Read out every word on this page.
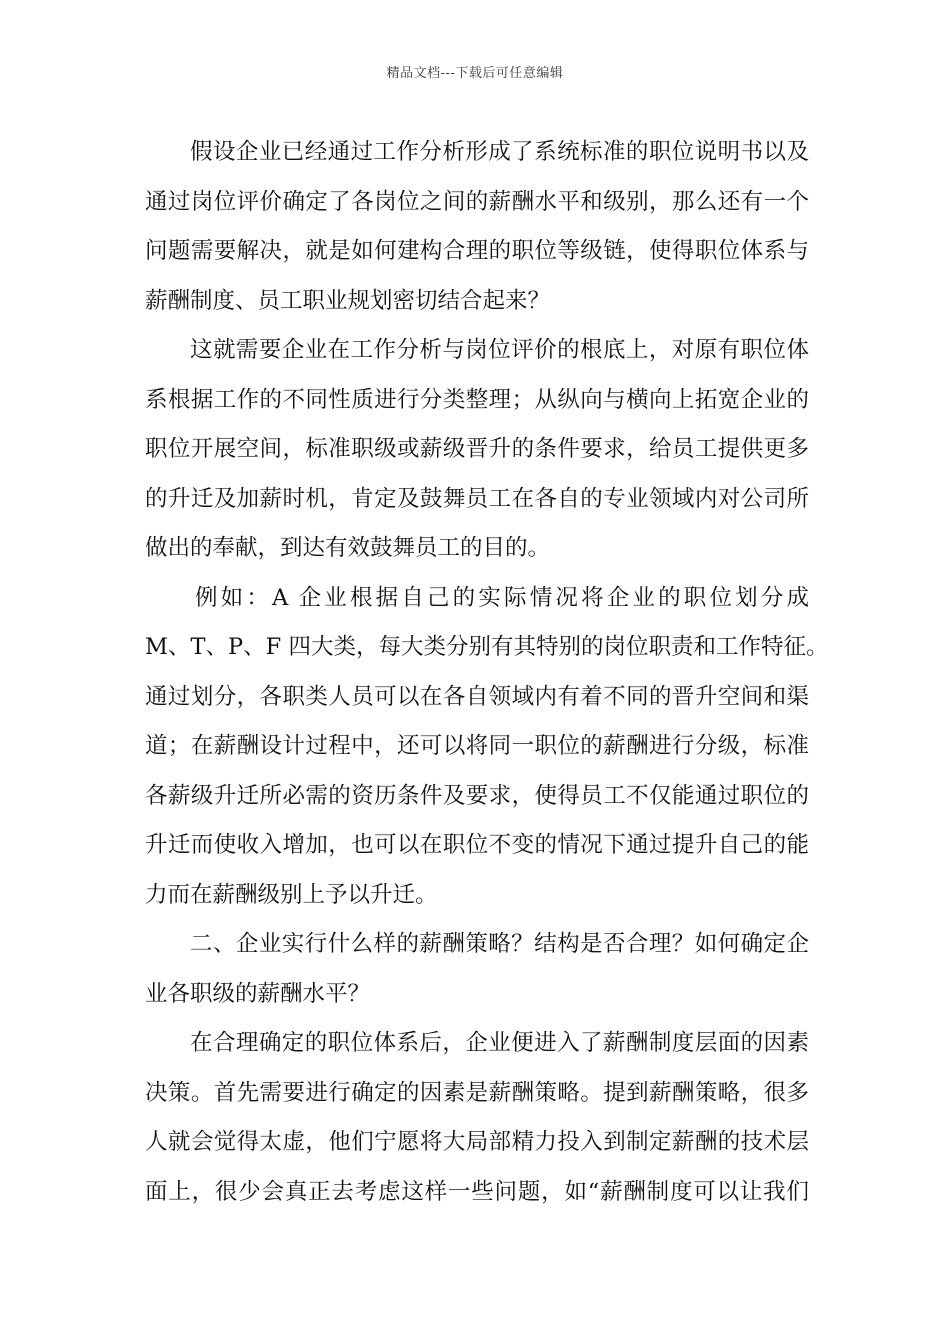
精品文档---下载后可任意编辑
假设企业已经通过工作分析形成了系统标准的职位说明书以及
通过岗位评价确定了各岗位之间的薪酬水平和级别，那么还有一个
问题需要解决，就是如何建构合理的职位等级链，使得职位体系与
薪酬制度、员工职业规划密切结合起来？
这就需要企业在工作分析与岗位评价的根底上，对原有职位体
系根据工作的不同性质进行分类整理；从纵向与横向上拓宽企业的
职位开展空间，标准职级或薪级晋升的条件要求，给员工提供更多
的升迁及加薪时机，肯定及鼓舞员工在各自的专业领域内对公司所
做出的奉献，到达有效鼓舞员工的目的。
例如：A 企业根据自己的实际情况将企业的职位划分成
M、T、P、F 四大类，每大类分别有其特别的岗位职责和工作特征。
通过划分，各职类人员可以在各自领域内有着不同的晋升空间和渠
道；在薪酬设计过程中，还可以将同一职位的薪酬进行分级，标准
各薪级升迁所必需的资历条件及要求，使得员工不仅能通过职位的
升迁而使收入增加，也可以在职位不变的情况下通过提升自己的能
力而在薪酬级别上予以升迁。
二、企业实行什么样的薪酬策略？结构是否合理？如何确定企
业各职级的薪酬水平？
在合理确定的职位体系后，企业便进入了薪酬制度层面的因素
决策。首先需要进行确定的因素是薪酬策略。提到薪酬策略，很多
人就会觉得太虚，他们宁愿将大局部精力投入到制定薪酬的技术层
面上，很少会真正去考虑这样一些问题，如“薪酬制度可以让我们
